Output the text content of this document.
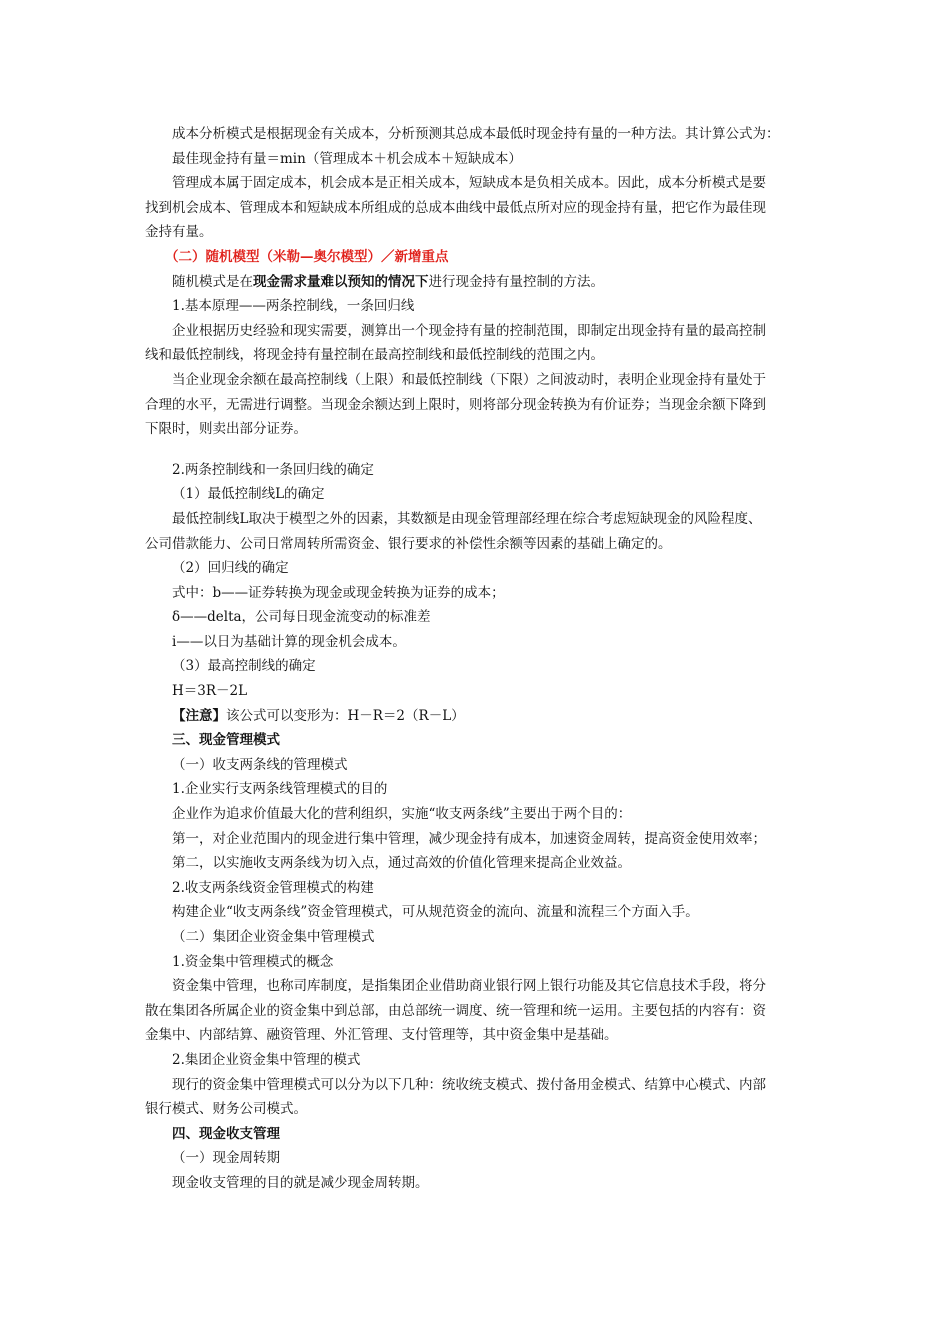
成本分析模式是根据现金有关成本，分析预测其总成本最低时现金持有量的一种方法。其计算公式为：
最佳现金持有量＝min（管理成本＋机会成本＋短缺成本）
管理成本属于固定成本，机会成本是正相关成本，短缺成本是负相关成本。因此，成本分析模式是要
找到机会成本、管理成本和短缺成本所组成的总成本曲线中最低点所对应的现金持有量，把它作为最佳现
金持有量。
（二）随机模型（米勒—奥尔模型）／新增重点
随机模式是在现金需求量难以预知的情况下进行现金持有量控制的方法。
1.基本原理——两条控制线，一条回归线
企业根据历史经验和现实需要，测算出一个现金持有量的控制范围，即制定出现金持有量的最高控制
线和最低控制线，将现金持有量控制在最高控制线和最低控制线的范围之内。
当企业现金余额在最高控制线（上限）和最低控制线（下限）之间波动时，表明企业现金持有量处于
合理的水平，无需进行调整。当现金余额达到上限时，则将部分现金转换为有价证券；当现金余额下降到
下限时，则卖出部分证券。
2.两条控制线和一条回归线的确定
（1）最低控制线L的确定
最低控制线L取决于模型之外的因素，其数额是由现金管理部经理在综合考虑短缺现金的风险程度、
公司借款能力、公司日常周转所需资金、银行要求的补偿性余额等因素的基础上确定的。
（2）回归线的确定
式中：b——证券转换为现金或现金转换为证券的成本；
δ——delta，公司每日现金流变动的标准差
i——以日为基础计算的现金机会成本。
（3）最高控制线的确定
H＝3R－2L
【注意】该公式可以变形为：H－R＝2（R－L）
三、现金管理模式
（一）收支两条线的管理模式
1.企业实行支两条线管理模式的目的
企业作为追求价值最大化的营利组织，实施“收支两条线”主要出于两个目的：
第一，对企业范围内的现金进行集中管理，减少现金持有成本，加速资金周转，提高资金使用效率；
第二，以实施收支两条线为切入点，通过高效的价值化管理来提高企业效益。
2.收支两条线资金管理模式的构建
构建企业“收支两条线”资金管理模式，可从规范资金的流向、流量和流程三个方面入手。
（二）集团企业资金集中管理模式
1.资金集中管理模式的概念
资金集中管理，也称司库制度，是指集团企业借助商业银行网上银行功能及其它信息技术手段，将分
散在集团各所属企业的资金集中到总部，由总部统一调度、统一管理和统一运用。主要包括的内容有：资
金集中、内部结算、融资管理、外汇管理、支付管理等，其中资金集中是基础。
2.集团企业资金集中管理的模式
现行的资金集中管理模式可以分为以下几种：统收统支模式、拨付备用金模式、结算中心模式、内部
银行模式、财务公司模式。
四、现金收支管理
（一）现金周转期
现金收支管理的目的就是减少现金周转期。
